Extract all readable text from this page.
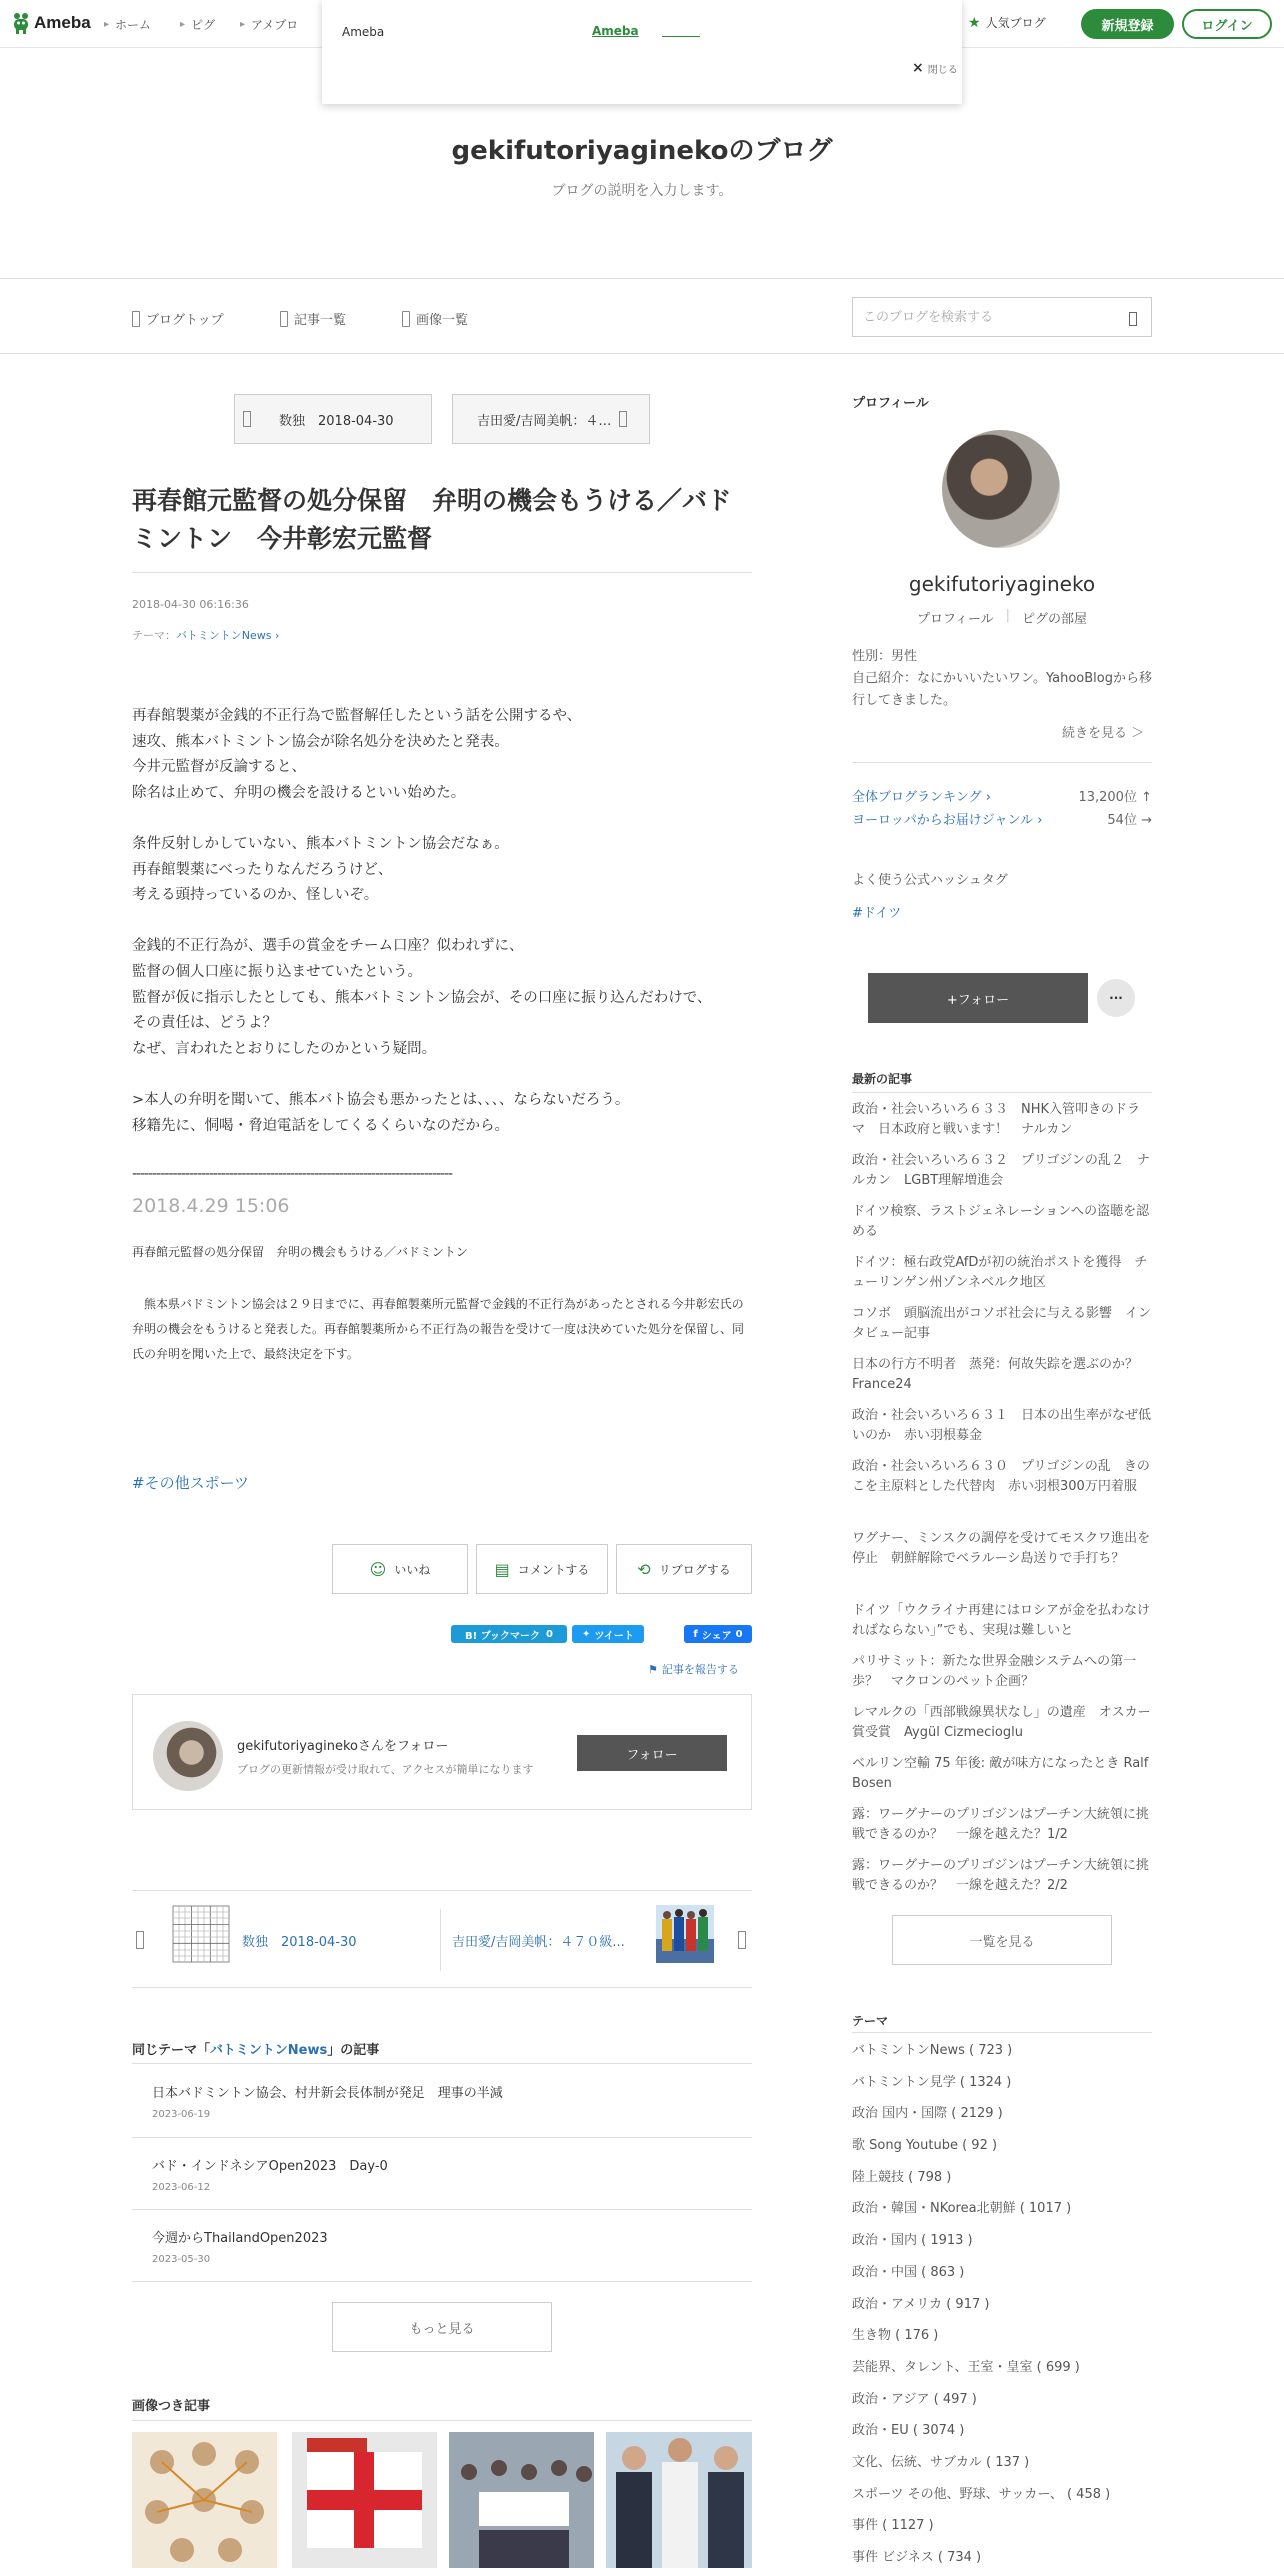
Ameba ▸ ホーム	▸ ピグ ▸ アメブロ	★ 人気ブログ	新規登録	ログイン
Ameba	Ameba
× 閉じる
gekifutoriyaginekoのブログ
ブログの説明を入力します。
ブログトップ	記事一覧	画像一覧
このブログを検索する
数独　2018-04-30	吉田愛/吉岡美帆：４…
再春館元監督の処分保留　弁明の機会もうける／バドミントン　今井彰宏元監督
2018-04-30 06:16:36
テーマ：バトミントンNews ›

再春館製薬が金銭的不正行為で監督解任したという話を公開するや、
速攻、熊本バトミントン協会が除名処分を決めたと発表。
今井元監督が反論すると、
除名は止めて、弁明の機会を設けるといい始めた。

条件反射しかしていない、熊本バトミントン協会だなぁ。
再春館製薬にべったりなんだろうけど、
考える頭持っているのか、怪しいぞ。

金銭的不正行為が、選手の賞金をチーム口座？似われずに、
監督の個人口座に振り込ませていたという。
監督が仮に指示したとしても、熊本バトミントン協会が、その口座に振り込んだわけで、
その責任は、どうよ？
なぜ、言われたとおりにしたのかという疑問。

>本人の弁明を聞いて、熊本バト協会も悪かったとは、、、、ならないだろう。
移籍先に、恫喝・脅迫電話をしてくるくらいなのだから。

-------------------------------------------------------------------------------
2018.4.29 15:06
再春館元監督の処分保留　弁明の機会もうける／バドミントン
　熊本県バドミントン協会は２９日までに、再春館製薬所元監督で金銭的不正行為があったとされる今井彰宏氏の弁明の機会をもうけると発表した。再春館製薬所から不正行為の報告を受けて一度は決めていた処分を保留し、同氏の弁明を聞いた上で、最終決定を下す。
#その他スポーツ
☺ いいね	▤ コメントする	⟲ リブログする
B! ブックマーク 0	✦ ツイート	f シェア 0
⚑ 記事を報告する
gekifutoriyaginekoさんをフォロー
ブログの更新情報が受け取れて、アクセスが簡単になります
フォロー
数独　2018-04-30	吉田愛/吉岡美帆：４７０級...
同じテーマ「バトミントンNews」の記事
日本バドミントン協会、村井新会長体制が発足　理事の半減
2023-06-19
バド・インドネシアOpen2023　Day-0
2023-06-12
今週からThailandOpen2023
2023-05-30
もっと見る
画像つき記事
プロフィール
gekifutoriyagineko
プロフィール | ピグの部屋
性別：男性
自己紹介：なにかいいたいワン。YahooBlogから移行してきました。
続きを見る ＞
全体ブログランキング ›	13,200位 ↑
ヨーロッパからお届けジャンル ›	54位 →
よく使う公式ハッシュタグ
#ドイツ
+フォロー	···
最新の記事
政治・社会いろいろ６３３　NHK入管叩きのドラマ　日本政府と戦います！　ナルカン
政治・社会いろいろ６３２　プリゴジンの乱２　ナルカン　LGBT理解増進会
ドイツ検察、ラストジェネレーションへの盗聴を認める
ドイツ：極右政党AfDが初の統治ポストを獲得　チューリンゲン州ゾンネベルク地区
コソボ　頭脳流出がコソボ社会に与える影響　インタビュー記事
日本の行方不明者　蒸発：何故失踪を選ぶのか？　France24
政治・社会いろいろ６３１　日本の出生率がなぜ低いのか　赤い羽根募金
政治・社会いろいろ６３０　プリゴジンの乱　きのこを主原料とした代替肉　赤い羽根300万円着服
ワグナー、ミンスクの調停を受けてモスクワ進出を停止　朝鮮解除でベラルーシ島送りで手打ち？
ドイツ「ウクライナ再建にはロシアが金を払わなければならない」”でも、実現は難しいと
パリサミット：新たな世界金融システムへの第一歩？　マクロンのペット企画？
レマルクの「西部戦線異状なし」の遺産　オスカー賞受賞　Aygül Cizmecioglu
ベルリン空輸 75 年後: 敵が味方になったとき Ralf Bosen
露：ワーグナーのプリゴジンはプーチン大統領に挑戦できるのか？　一線を越えた？1/2
露：ワーグナーのプリゴジンはプーチン大統領に挑戦できるのか？　一線を越えた？2/2
一覧を見る
テーマ
バトミントンNews ( 723 )
バトミントン見学 ( 1324 )
政治 国内・国際 ( 2129 )
歌 Song Youtube ( 92 )
陸上競技 ( 798 )
政治・韓国・NKorea北朝鮮 ( 1017 )
政治・国内 ( 1913 )
政治・中国 ( 863 )
政治・アメリカ ( 917 )
生き物 ( 176 )
芸能界、タレント、王室・皇室 ( 699 )
政治・アジア ( 497 )
政治・EU ( 3074 )
文化、伝統、サブカル ( 137 )
スポーツ その他、野球、サッカー、 ( 458 )
事件 ( 1127 )
事件 ビジネス ( 734 )
